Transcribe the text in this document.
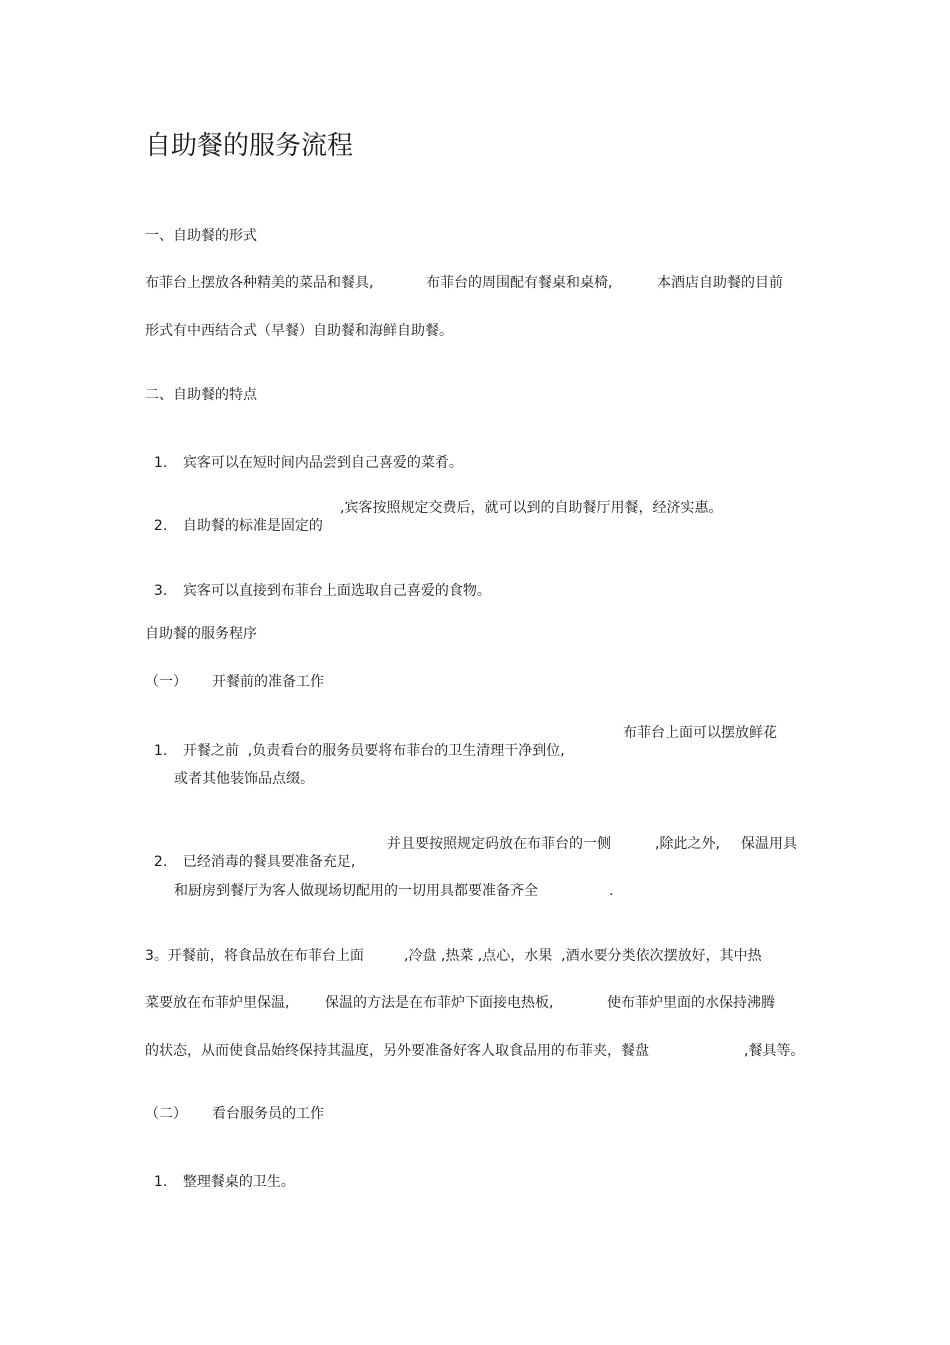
自助餐的服务流程
一、自助餐的形式
布菲台上摆放各种精美的菜品和餐具,	布菲台的周围配有餐桌和桌椅,	本酒店自助餐的目前
形式有中西结合式（早餐）自助餐和海鲜自助餐。
二、自助餐的特点

1. 宾客可以在短时间内品尝到自己喜爱的菜肴。

2. 自助餐的标准是固定的

,宾客按照规定交费后，就可以到的自助餐厅用餐，经济实惠。

3. 宾客可以直接到布菲台上面选取自己喜爱的食物。

自助餐的服务程序
（一） 开餐前的准备工作

1. 开餐之前  ,负责看台的服务员要将布菲台的卫生清理干净到位,

布菲台上面可以摆放鲜花
或者其他装饰品点缀。

2. 已经消毒的餐具要准备充足,

并且要按照规定码放在布菲台的一侧	,除此之外, 保温用具
和厨房到餐厅为客人做现场切配用的一切用具都要准备齐全	.
3。开餐前，将食品放在布菲台上面	,冷盘 ,热菜 ,点心，水果  ,酒水要分类依次摆放好，其中热
菜要放在布菲炉里保温,	保温的方法是在布菲炉下面接电热板,	使布菲炉里面的水保持沸腾
的状态，从而使食品始终保持其温度，另外要准备好客人取食品用的布菲夹，餐盘	,餐具等。
（二） 看台服务员的工作

1. 整理餐桌的卫生。
